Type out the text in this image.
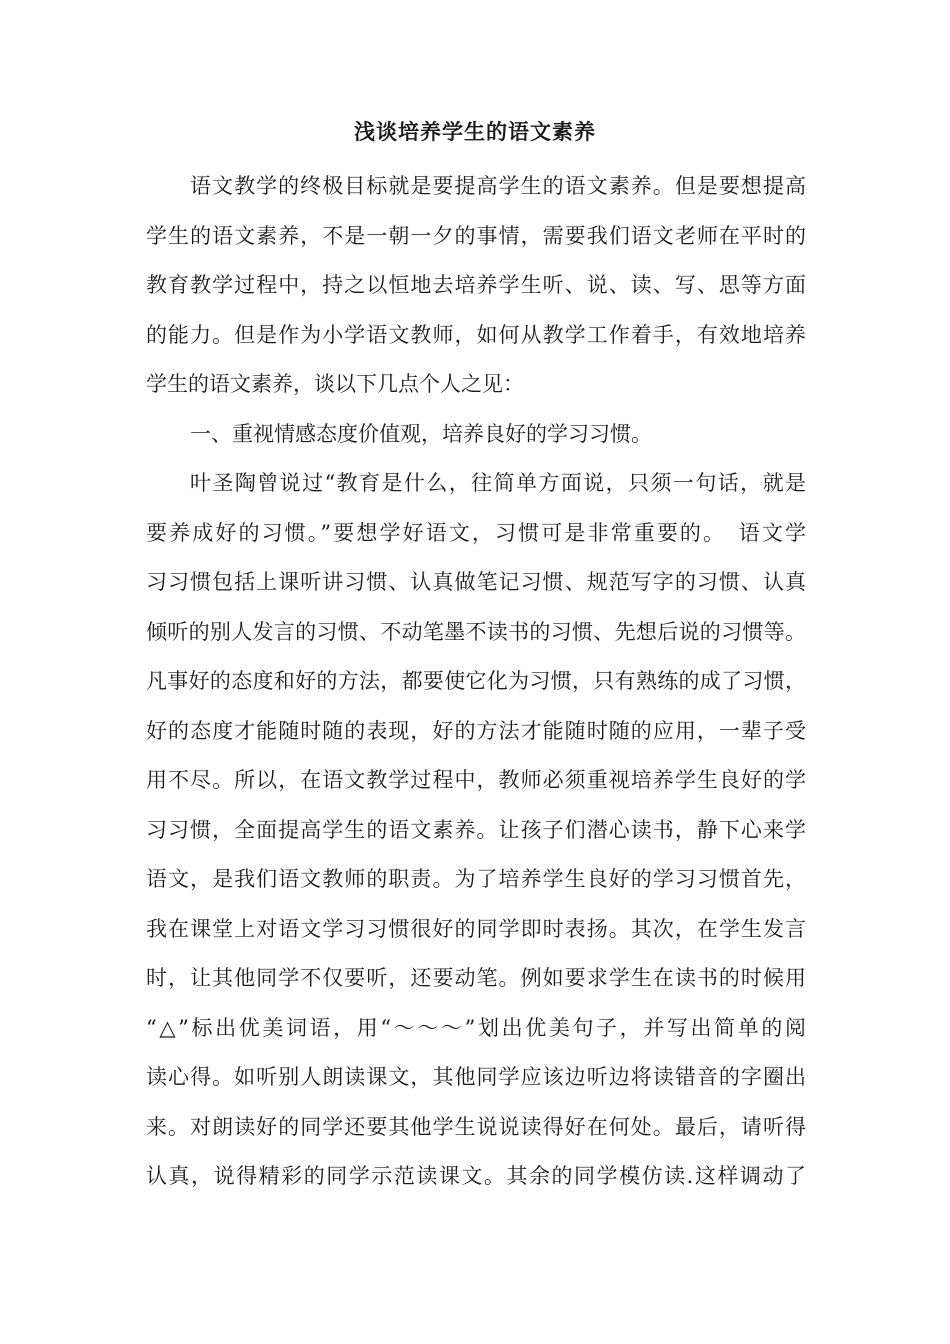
浅谈培养学生的语文素养
语文教学的终极目标就是要提高学生的语文素养。但是要想提高
学生的语文素养，不是一朝一夕的事情，需要我们语文老师在平时的
教育教学过程中，持之以恒地去培养学生听、说、读、写、思等方面
的能力。但是作为小学语文教师，如何从教学工作着手，有效地培养
学生的语文素养，谈以下几点个人之见：
一、重视情感态度价值观，培养良好的学习习惯。
叶圣陶曾说过“教育是什么，往简单方面说，只须一句话，就是
要养成好的习惯。”要想学好语文，习惯可是非常重要的。　语文学
习习惯包括上课听讲习惯、认真做笔记习惯、规范写字的习惯、认真
倾听的别人发言的习惯、不动笔墨不读书的习惯、先想后说的习惯等。
凡事好的态度和好的方法，都要使它化为习惯，只有熟练的成了习惯，
好的态度才能随时随的表现，好的方法才能随时随的应用，一辈子受
用不尽。所以，在语文教学过程中，教师必须重视培养学生良好的学
习习惯，全面提高学生的语文素养。让孩子们潜心读书，静下心来学
语文，是我们语文教师的职责。为了培养学生良好的学习习惯首先，
我在课堂上对语文学习习惯很好的同学即时表扬。其次，在学生发言
时，让其他同学不仅要听，还要动笔。例如要求学生在读书的时候用
“△”标出优美词语，用“～～～”划出优美句子，并写出简单的阅
读心得。如听别人朗读课文，其他同学应该边听边将读错音的字圈出
来。对朗读好的同学还要其他学生说说读得好在何处。最后，请听得
认真，说得精彩的同学示范读课文。其余的同学模仿读.这样调动了
